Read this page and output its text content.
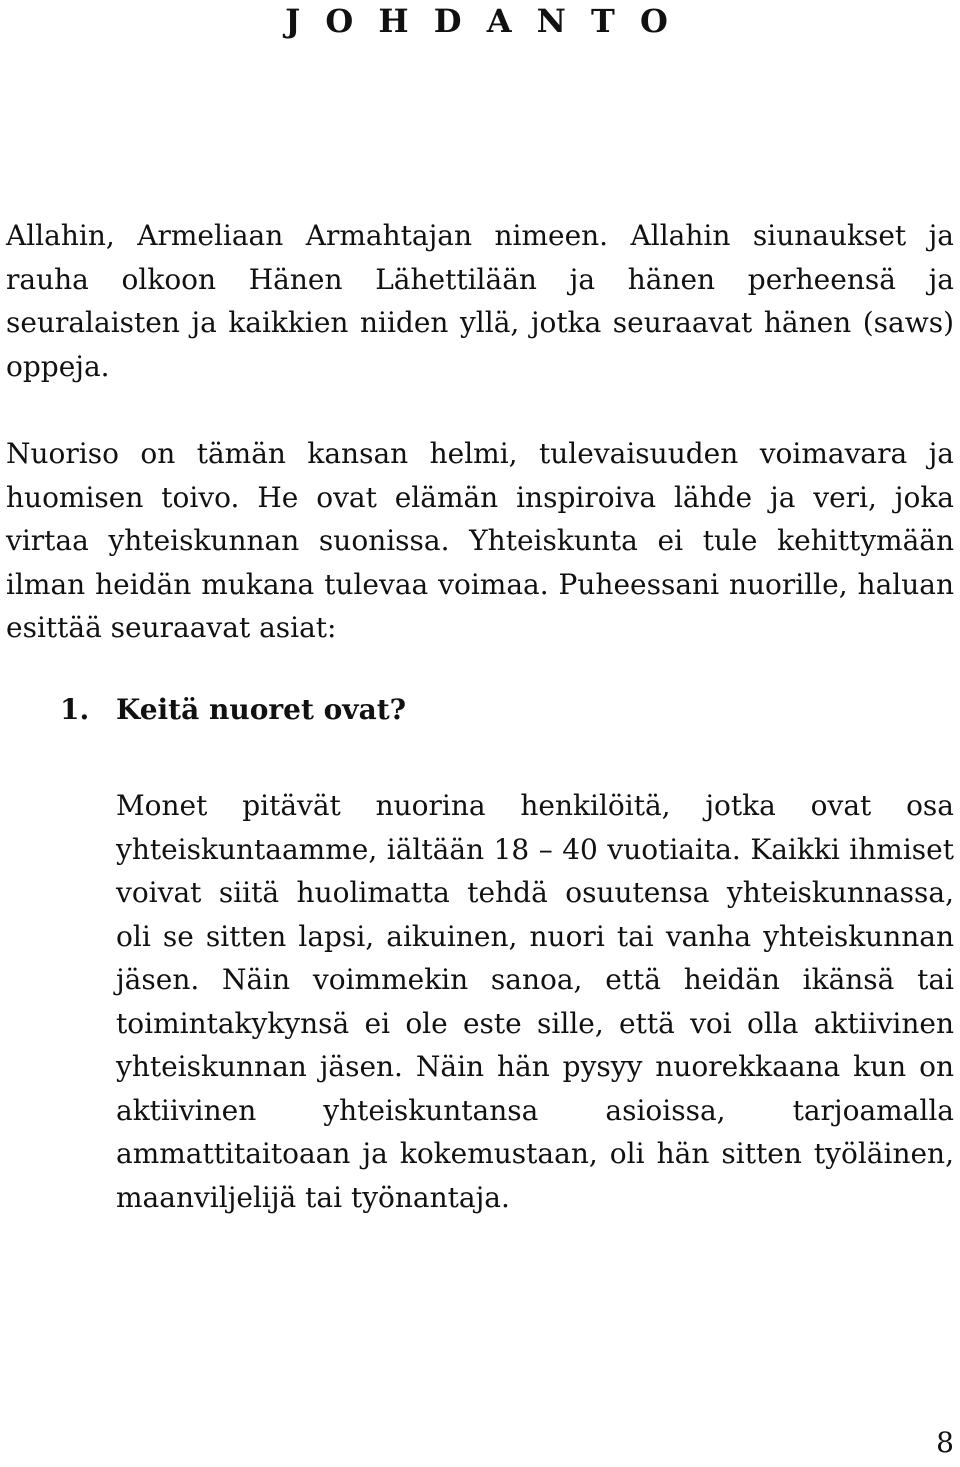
J O H D A N T O

Allahin, Armeliaan Armahtajan nimeen. Allahin siunaukset ja rauha olkoon Hänen Lähettilään ja hänen perheensä ja seuralaisten ja kaikkien niiden yllä, jotka seuraavat hänen (saws) oppeja.

Nuoriso on tämän kansan helmi, tulevaisuuden voimavara ja huomisen toivo. He ovat elämän inspiroiva lähde ja veri, joka virtaa yhteiskunnan suonissa. Yhteiskunta ei tule kehittymään ilman heidän mukana tulevaa voimaa. Puheessani nuorille, haluan esittää seuraavat asiat:

1. Keitä nuoret ovat?

Monet pitävät nuorina henkilöitä, jotka ovat osa yhteiskuntaamme, iältään 18 – 40 vuotiaita. Kaikki ihmiset voivat siitä huolimatta tehdä osuutensa yhteiskunnassa, oli se sitten lapsi, aikuinen, nuori tai vanha yhteiskunnan jäsen. Näin voimmekin sanoa, että heidän ikänsä tai toimintakykynsä ei ole este sille, että voi olla aktiivinen yhteiskunnan jäsen. Näin hän pysyy nuorekkaana kun on aktiivinen yhteiskuntansa asioissa, tarjoamalla ammattitaitoaan ja kokemustaan, oli hän sitten työläinen, maanviljelijä tai työnantaja.

8
